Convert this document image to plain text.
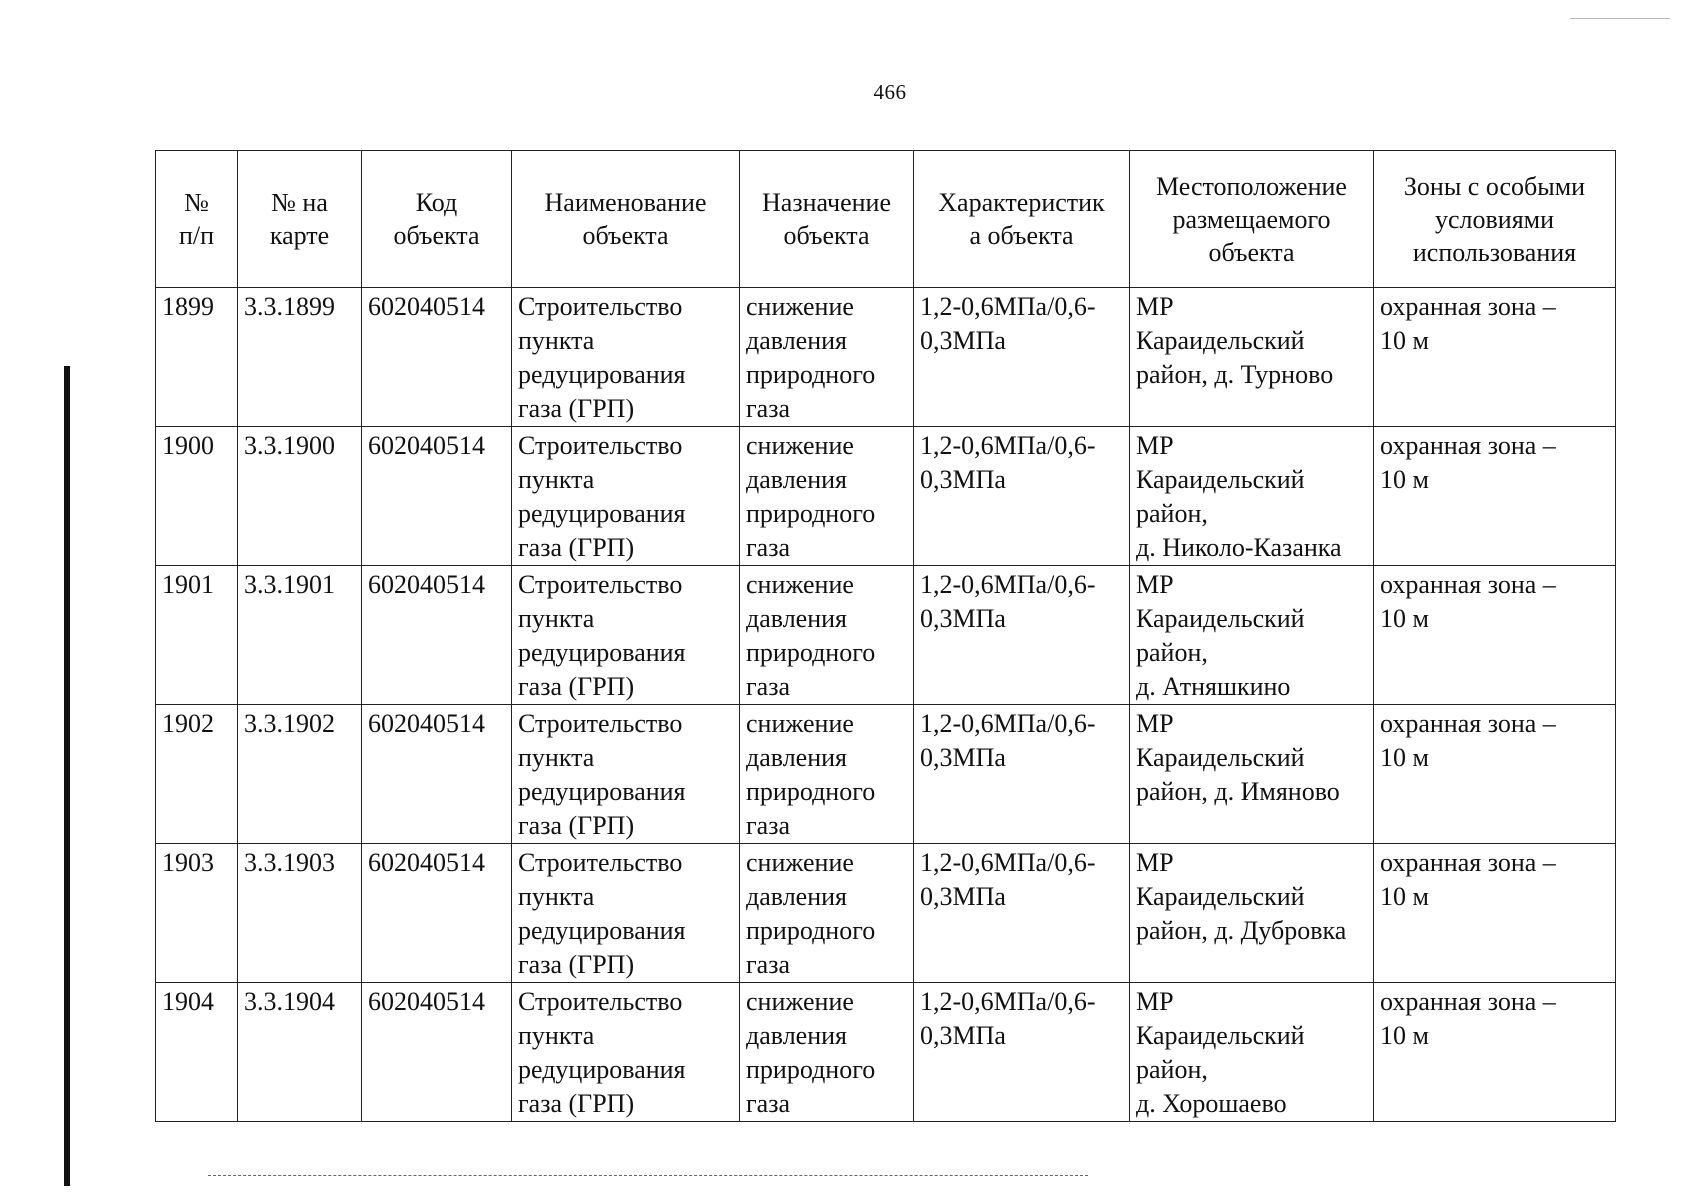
466
№
п/п	№ на
карте	Код
объекта	Наименование
объекта	Назначение
объекта	Характеристик
а объекта	Местоположение
размещаемого
объекта	Зоны с особыми
условиями
использования
1899	3.3.1899	602040514	Строительство
пункта
редуцирования
газа (ГРП)	снижение
давления
природного
газа	1,2-0,6МПа/0,6-
0,3МПа	МР
Караидельский
район, д. Турново	охранная зона –
10 м
1900	3.3.1900	602040514	Строительство
пункта
редуцирования
газа (ГРП)	снижение
давления
природного
газа	1,2-0,6МПа/0,6-
0,3МПа	МР
Караидельский
район,
д. Николо-Казанка	охранная зона –
10 м
1901	3.3.1901	602040514	Строительство
пункта
редуцирования
газа (ГРП)	снижение
давления
природного
газа	1,2-0,6МПа/0,6-
0,3МПа	МР
Караидельский
район,
д. Атняшкино	охранная зона –
10 м
1902	3.3.1902	602040514	Строительство
пункта
редуцирования
газа (ГРП)	снижение
давления
природного
газа	1,2-0,6МПа/0,6-
0,3МПа	МР
Караидельский
район, д. Имяново	охранная зона –
10 м
1903	3.3.1903	602040514	Строительство
пункта
редуцирования
газа (ГРП)	снижение
давления
природного
газа	1,2-0,6МПа/0,6-
0,3МПа	МР
Караидельский
район, д. Дубровка	охранная зона –
10 м
1904	3.3.1904	602040514	Строительство
пункта
редуцирования
газа (ГРП)	снижение
давления
природного
газа	1,2-0,6МПа/0,6-
0,3МПа	МР
Караидельский
район,
д. Хорошаево	охранная зона –
10 м
